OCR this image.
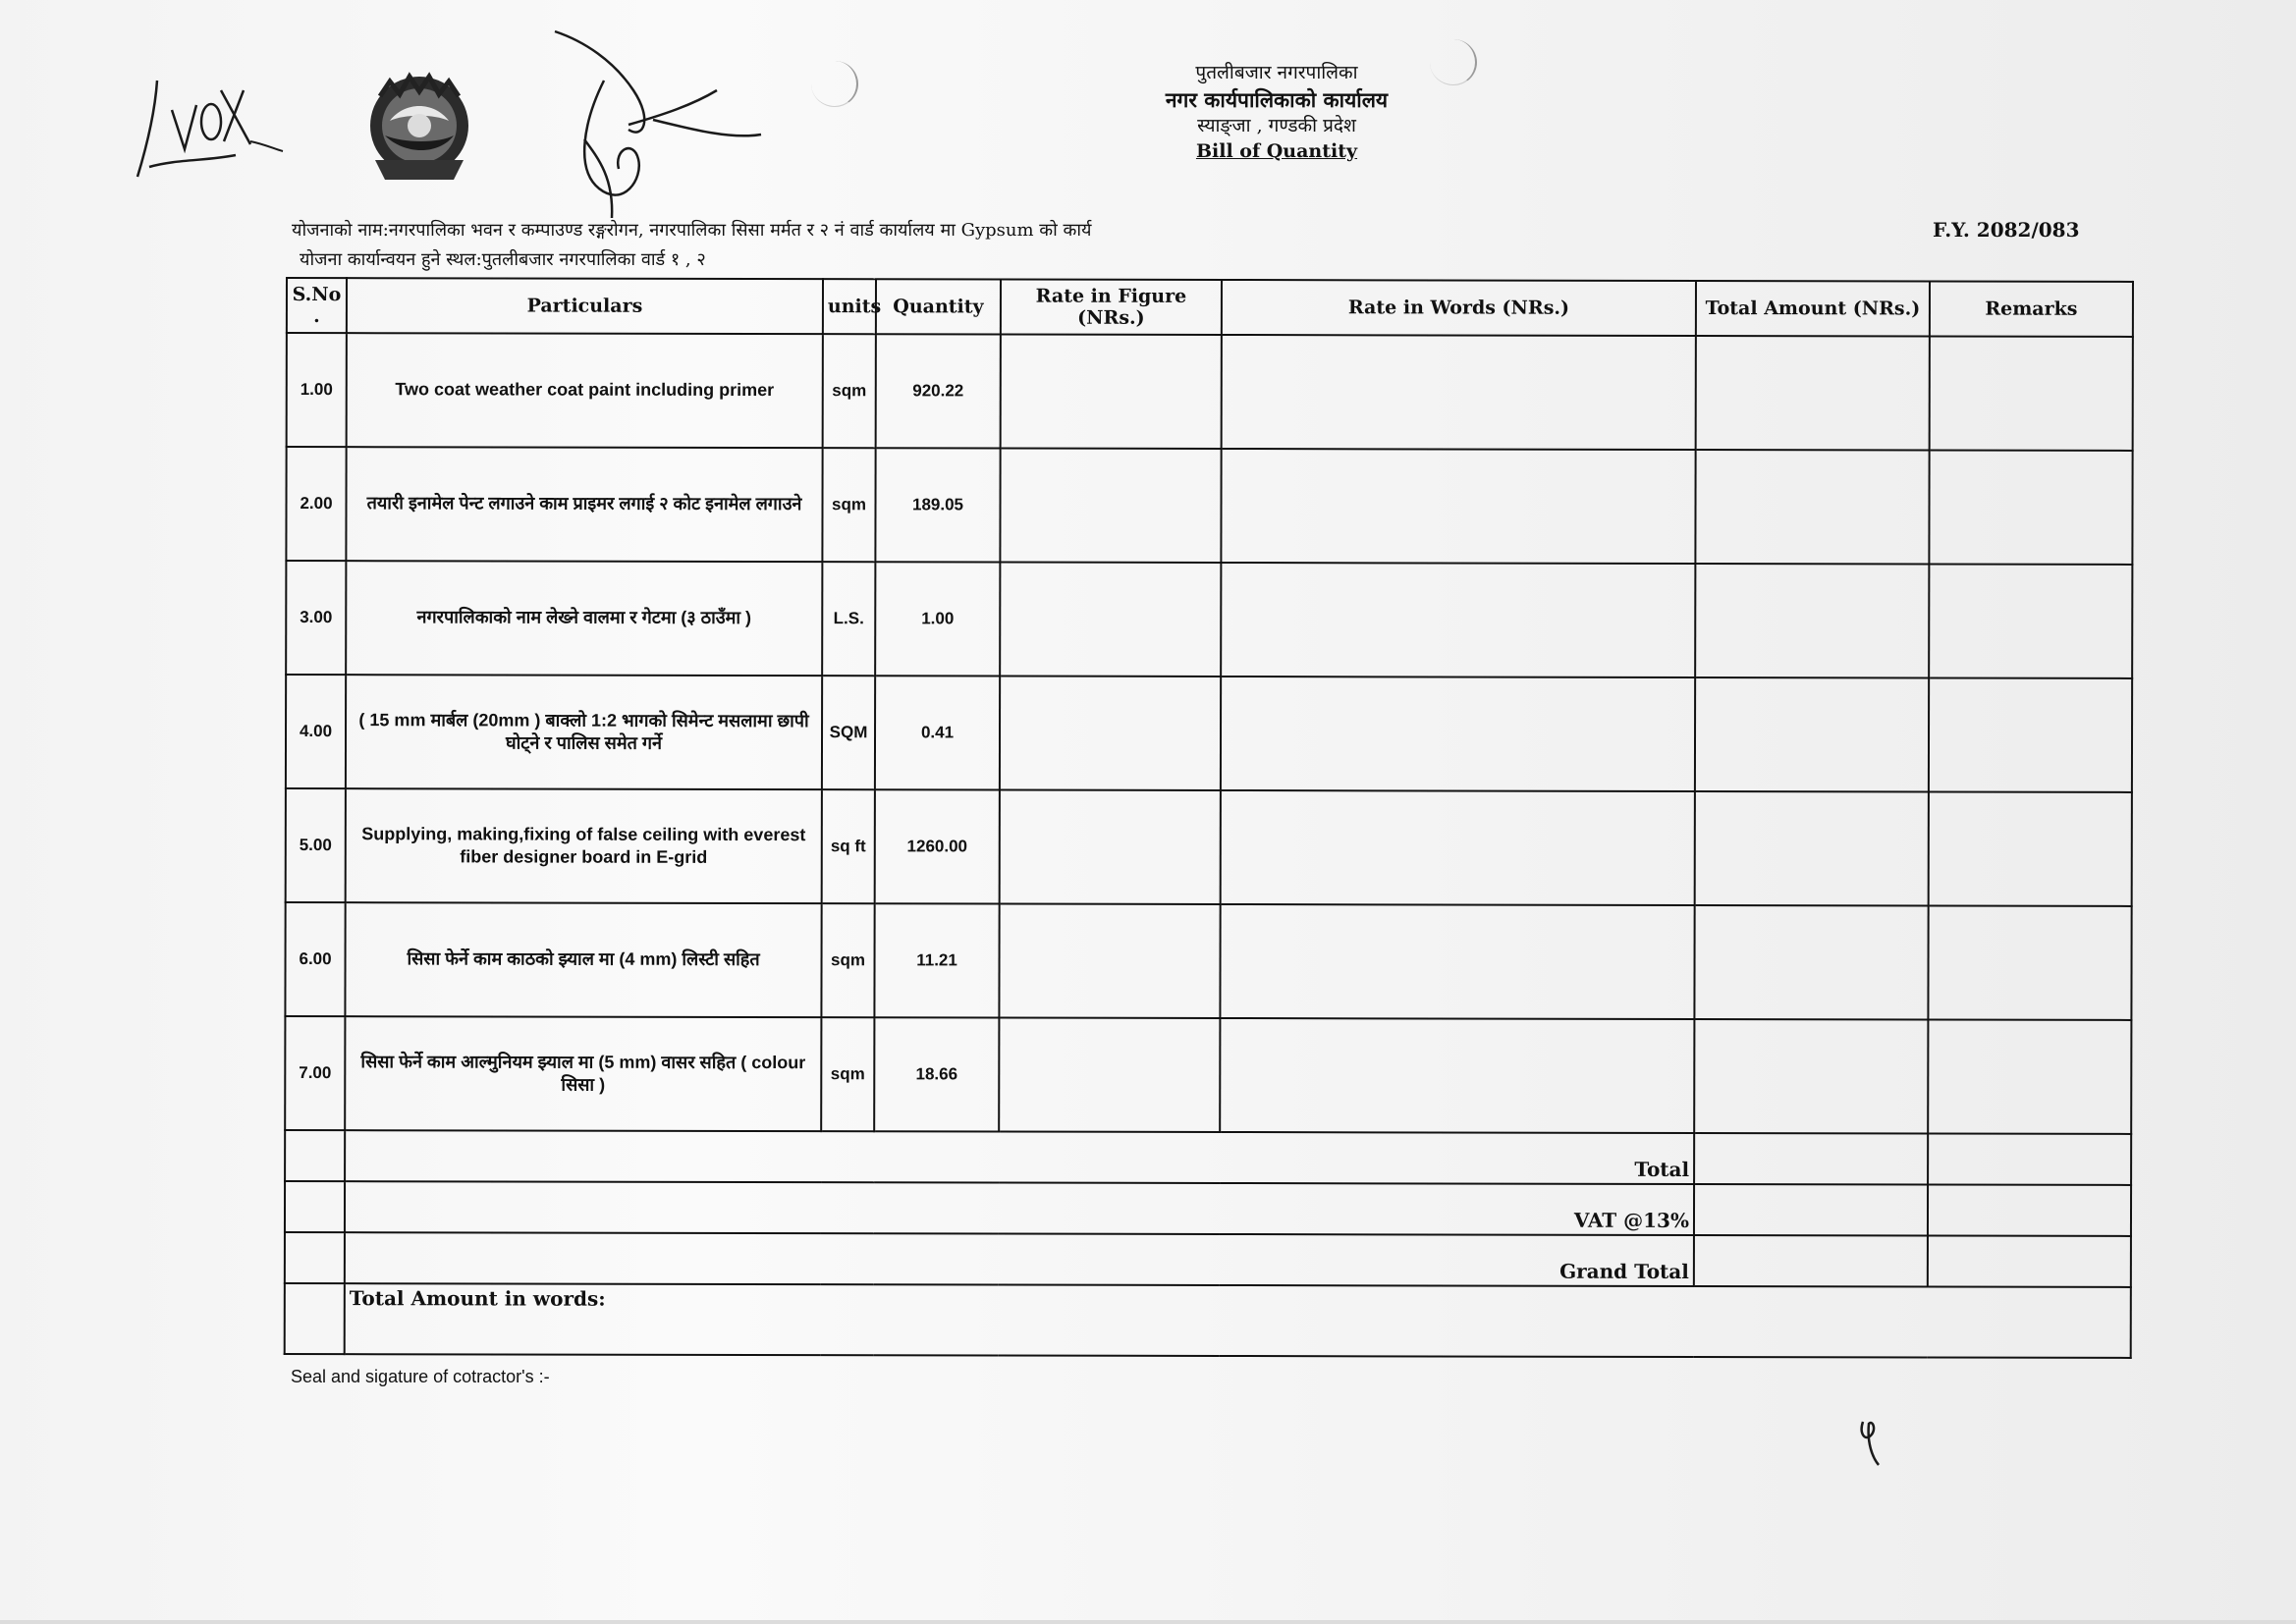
पुतलीबजार नगरपालिका
नगर कार्यपालिकाको कार्यालय
स्याङ्जा , गण्डकी प्रदेश
Bill of Quantity
योजनाको नाम:नगरपालिका भवन र कम्पाउण्ड रङ्गरोगन, नगरपालिका सिसा मर्मत र २ नं वार्ड कार्यालय मा Gypsum को कार्य
योजना कार्यान्वयन हुने स्थल:पुतलीबजार नगरपालिका वार्ड १ , २
F.Y. 2082/083
S.No .	Particulars	units	Quantity	Rate in Figure (NRs.)	Rate in Words (NRs.)	Total Amount (NRs.)	Remarks
1.00	Two coat weather coat paint including primer	sqm	920.22				
2.00	तयारी इनामेल पेन्ट लगाउने काम प्राइमर लगाई २ कोट इनामेल लगाउने	sqm	189.05				
3.00	नगरपालिकाको नाम लेख्ने वालमा र गेटमा (३ ठाउँमा )	L.S.	1.00				
4.00	( 15 mm मार्बल (20mm ) बाक्लो 1:2 भागको सिमेन्ट मसलामा छापी घोट्ने र पालिस समेत गर्ने	SQM	0.41				
5.00	Supplying, making,fixing of false ceiling with everest fiber designer board in E-grid	sq ft	1260.00				
6.00	सिसा फेर्ने काम काठको झ्याल मा (4 mm) लिस्टी सहित	sqm	11.21				
7.00	सिसा फेर्ने काम आल्मुनियम झ्याल मा (5 mm) वासर सहित ( colour सिसा )	sqm	18.66				
	Total						
	VAT @13%						
	Grand Total						
	Total Amount in words:						
Seal and sigature of cotractor's :-
